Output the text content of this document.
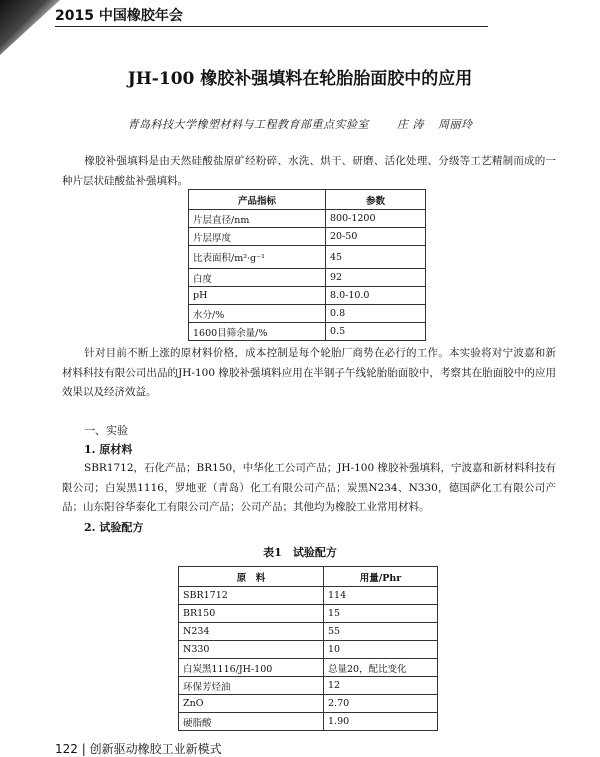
2015 中国橡胶年会
JH-100 橡胶补强填料在轮胎胎面胶中的应用
青岛科技大学橡塑材料与工程教育部重点实验室	庄 涛 周丽玲
橡胶补强填料是由天然硅酸盐原矿经粉碎、水洗、烘干、研磨、活化处理、分级等工艺精制而成的一种片层状硅酸盐补强填料。
产品指标	参数
片层直径/nm	800-1200
片层厚度	20-50
比表面积/m²·g⁻¹	45
白度	92
pH	8.0-10.0
水分/%	0.8
1600目筛余量/%	0.5
针对目前不断上涨的原材料价格，成本控制是每个轮胎厂商势在必行的工作。本实验将对宁波嘉和新材料科技有限公司出品的JH-100 橡胶补强填料应用在半钢子午线轮胎胎面胶中，考察其在胎面胶中的应用效果以及经济效益。
一、实验
1. 原材料
SBR1712，石化产品；BR150，中华化工公司产品；JH-100 橡胶补强填料，宁波嘉和新材料科技有限公司；白炭黑1116，罗地亚（青岛）化工有限公司产品；炭黑N234、N330，德国萨化工有限公司产品；山东阳谷华泰化工有限公司产品；公司产品；其他均为橡胶工业常用材料。
2. 试验配方
表1　试验配方
原　料	用量/Phr
SBR1712	114
BR150	15
N234	55
N330	10
白炭黑1116/JH-100	总量20，配比变化
环保芳烃油	12
ZnO	2.70
硬脂酸	1.90
122 | 创新驱动橡胶工业新模式
